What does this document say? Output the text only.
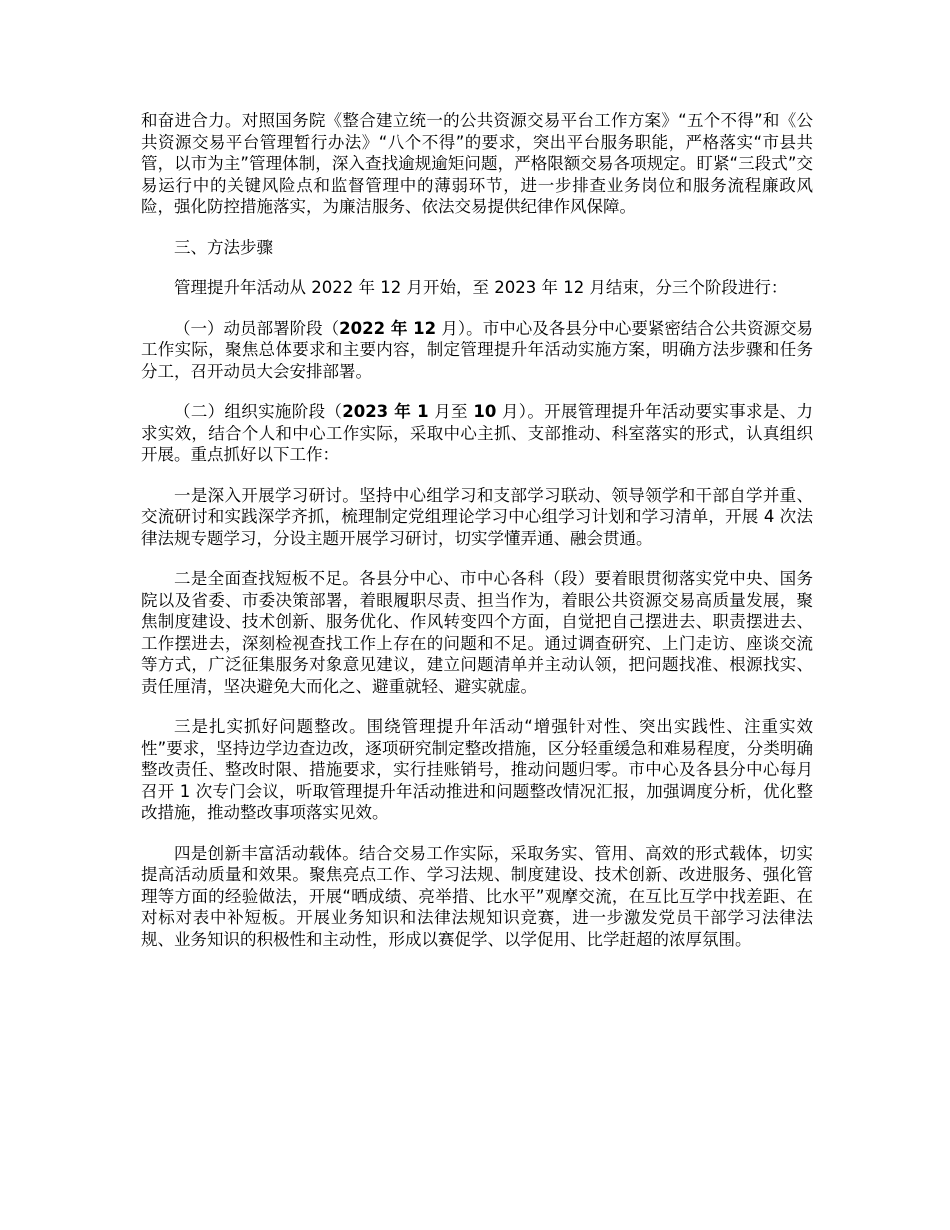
和奋进合力。对照国务院《整合建立统一的公共资源交易平台工作方案》“五个不得”和《公共资源交易平台管理暂行办法》“八个不得”的要求，突出平台服务职能，严格落实“市县共管，以市为主”管理体制，深入查找逾规逾矩问题，严格限额交易各项规定。盯紧“三段式”交易运行中的关键风险点和监督管理中的薄弱环节，进一步排查业务岗位和服务流程廉政风险，强化防控措施落实，为廉洁服务、依法交易提供纪律作风保障。

三、方法步骤

管理提升年活动从 2022 年 12 月开始，至 2023 年 12 月结束，分三个阶段进行：

（一）动员部署阶段（2022 年 12 月）。市中心及各县分中心要紧密结合公共资源交易工作实际，聚焦总体要求和主要内容，制定管理提升年活动实施方案，明确方法步骤和任务分工，召开动员大会安排部署。

（二）组织实施阶段（2023 年 1 月至 10 月）。开展管理提升年活动要实事求是、力求实效，结合个人和中心工作实际，采取中心主抓、支部推动、科室落实的形式，认真组织开展。重点抓好以下工作：

一是深入开展学习研讨。坚持中心组学习和支部学习联动、领导领学和干部自学并重、交流研讨和实践深学齐抓，梳理制定党组理论学习中心组学习计划和学习清单，开展 4 次法律法规专题学习，分设主题开展学习研讨，切实学懂弄通、融会贯通。

二是全面查找短板不足。各县分中心、市中心各科（段）要着眼贯彻落实党中央、国务院以及省委、市委决策部署，着眼履职尽责、担当作为，着眼公共资源交易高质量发展，聚焦制度建设、技术创新、服务优化、作风转变四个方面，自觉把自己摆进去、职责摆进去、工作摆进去，深刻检视查找工作上存在的问题和不足。通过调查研究、上门走访、座谈交流等方式，广泛征集服务对象意见建议，建立问题清单并主动认领，把问题找准、根源找实、责任厘清，坚决避免大而化之、避重就轻、避实就虚。

三是扎实抓好问题整改。围绕管理提升年活动“增强针对性、突出实践性、注重实效性”要求，坚持边学边查边改，逐项研究制定整改措施，区分轻重缓急和难易程度，分类明确整改责任、整改时限、措施要求，实行挂账销号，推动问题归零。市中心及各县分中心每月召开 1 次专门会议，听取管理提升年活动推进和问题整改情况汇报，加强调度分析，优化整改措施，推动整改事项落实见效。

四是创新丰富活动载体。结合交易工作实际，采取务实、管用、高效的形式载体，切实提高活动质量和效果。聚焦亮点工作、学习法规、制度建设、技术创新、改进服务、强化管理等方面的经验做法，开展“晒成绩、亮举措、比水平”观摩交流，在互比互学中找差距、在对标对表中补短板。开展业务知识和法律法规知识竞赛，进一步激发党员干部学习法律法规、业务知识的积极性和主动性，形成以赛促学、以学促用、比学赶超的浓厚氛围。
